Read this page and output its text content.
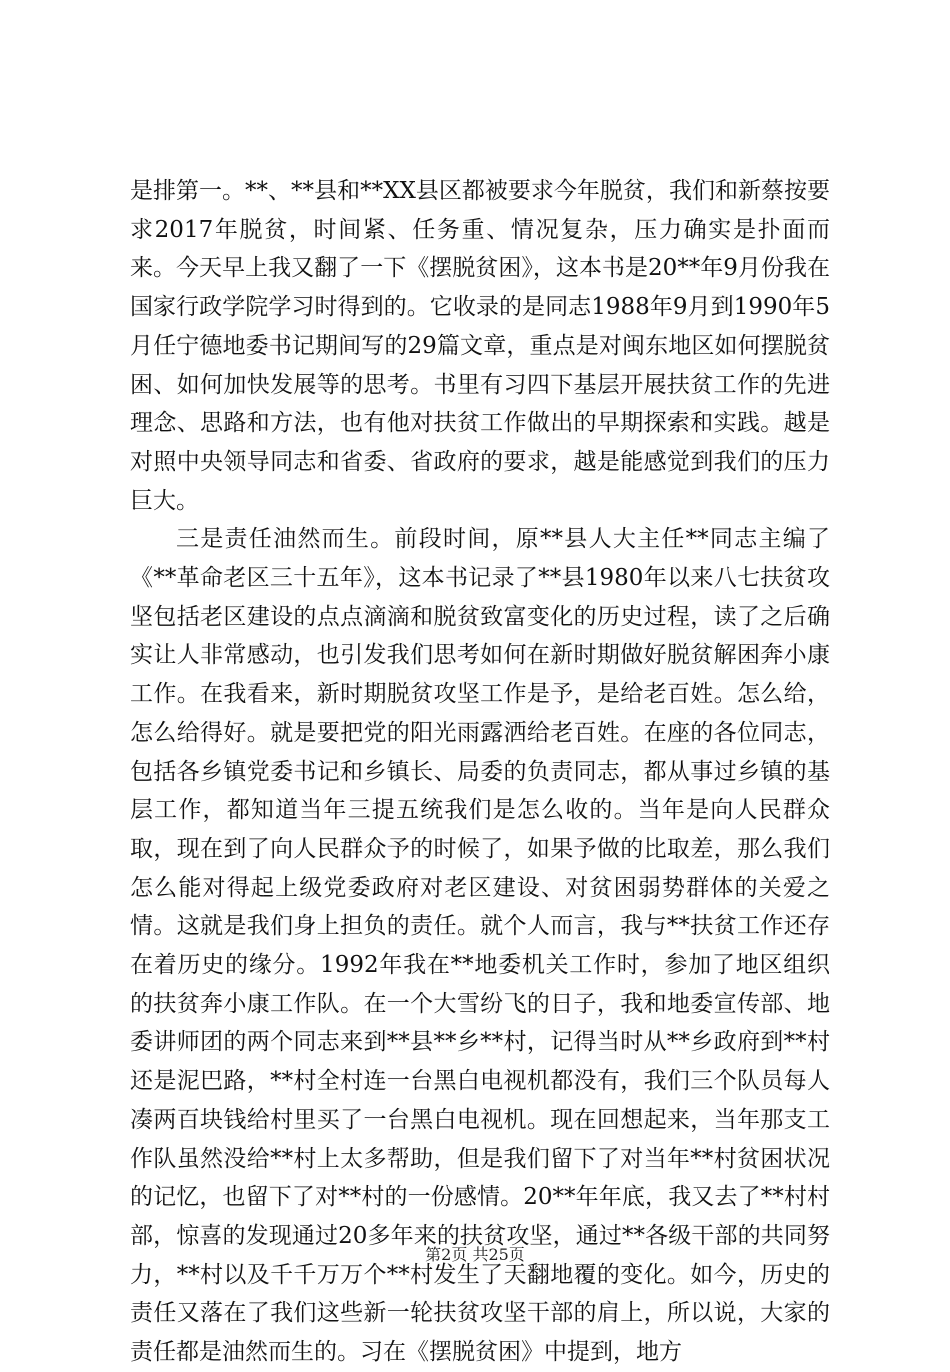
是排第一。**、**县和**XX县区都被要求今年脱贫，我们和新蔡按要求2017年脱贫，时间紧、任务重、情况复杂，压力确实是扑面而来。今天早上我又翻了一下《摆脱贫困》，这本书是20**年9月份我在国家行政学院学习时得到的。它收录的是同志1988年9月到1990年5月任宁德地委书记期间写的29篇文章，重点是对闽东地区如何摆脱贫困、如何加快发展等的思考。书里有习四下基层开展扶贫工作的先进理念、思路和方法，也有他对扶贫工作做出的早期探索和实践。越是对照中央领导同志和省委、省政府的要求，越是能感觉到我们的压力巨大。

三是责任油然而生。前段时间，原**县人大主任**同志主编了《**革命老区三十五年》，这本书记录了**县1980年以来八七扶贫攻坚包括老区建设的点点滴滴和脱贫致富变化的历史过程，读了之后确实让人非常感动，也引发我们思考如何在新时期做好脱贫解困奔小康工作。在我看来，新时期脱贫攻坚工作是予，是给老百姓。怎么给，怎么给得好。就是要把党的阳光雨露洒给老百姓。在座的各位同志，包括各乡镇党委书记和乡镇长、局委的负责同志，都从事过乡镇的基层工作，都知道当年三提五统我们是怎么收的。当年是向人民群众取，现在到了向人民群众予的时候了，如果予做的比取差，那么我们怎么能对得起上级党委政府对老区建设、对贫困弱势群体的关爱之情。这就是我们身上担负的责任。就个人而言，我与**扶贫工作还存在着历史的缘分。1992年我在**地委机关工作时，参加了地区组织的扶贫奔小康工作队。在一个大雪纷飞的日子，我和地委宣传部、地委讲师团的两个同志来到**县**乡**村，记得当时从**乡政府到**村还是泥巴路，**村全村连一台黑白电视机都没有，我们三个队员每人凑两百块钱给村里买了一台黑白电视机。现在回想起来，当年那支工作队虽然没给**村上太多帮助，但是我们留下了对当年**村贫困状况的记忆，也留下了对**村的一份感情。20**年年底，我又去了**村村部，惊喜的发现通过20多年来的扶贫攻坚，通过**各级干部的共同努力，**村以及千千万万个**村发生了天翻地覆的变化。如今，历史的责任又落在了我们这些新一轮扶贫攻坚干部的肩上，所以说，大家的责任都是油然而生的。习在《摆脱贫困》中提到，地方

第2页 共25页
